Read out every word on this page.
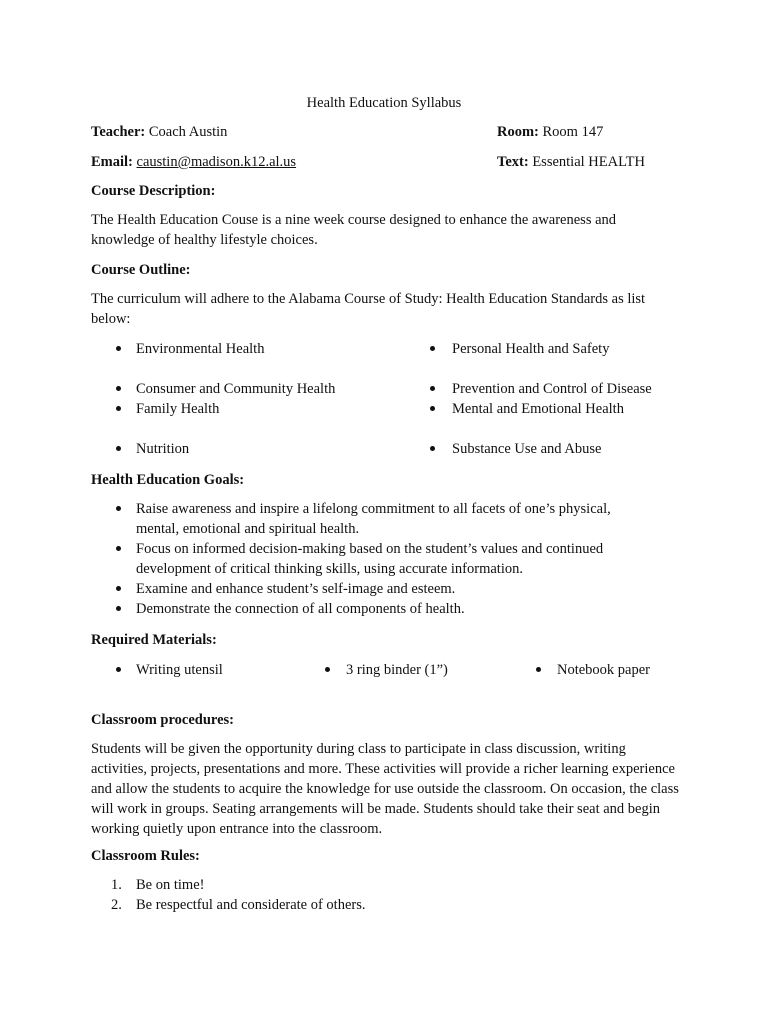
Health Education Syllabus
Teacher: Coach Austin	Room: Room 147
Email: caustin@madison.k12.al.us	Text: Essential HEALTH
Course Description:
The Health Education Couse is a nine week course designed to enhance the awareness and knowledge of healthy lifestyle choices.
Course Outline:
The curriculum will adhere to the Alabama Course of Study: Health Education Standards as list below:
Environmental Health
Consumer and Community Health
Family Health
Nutrition
Personal Health and Safety
Prevention and Control of Disease
Mental and Emotional Health
Substance Use and Abuse
Health Education Goals:
Raise awareness and inspire a lifelong commitment to all facets of one’s physical, mental, emotional and spiritual health.
Focus on informed decision-making based on the student’s values and continued development of critical thinking skills, using accurate information.
Examine and enhance student’s self-image and esteem.
Demonstrate the connection of all components of health.
Required Materials:
Writing utensil	3 ring binder (1”)	Notebook paper
Classroom procedures:
Students will be given the opportunity during class to participate in class discussion, writing activities, projects, presentations and more. These activities will provide a richer learning experience and allow the students to acquire the knowledge for use outside the classroom. On occasion, the class will work in groups. Seating arrangements will be made. Students should take their seat and begin working quietly upon entrance into the classroom.
Classroom Rules:
1. Be on time!
2. Be respectful and considerate of others.
